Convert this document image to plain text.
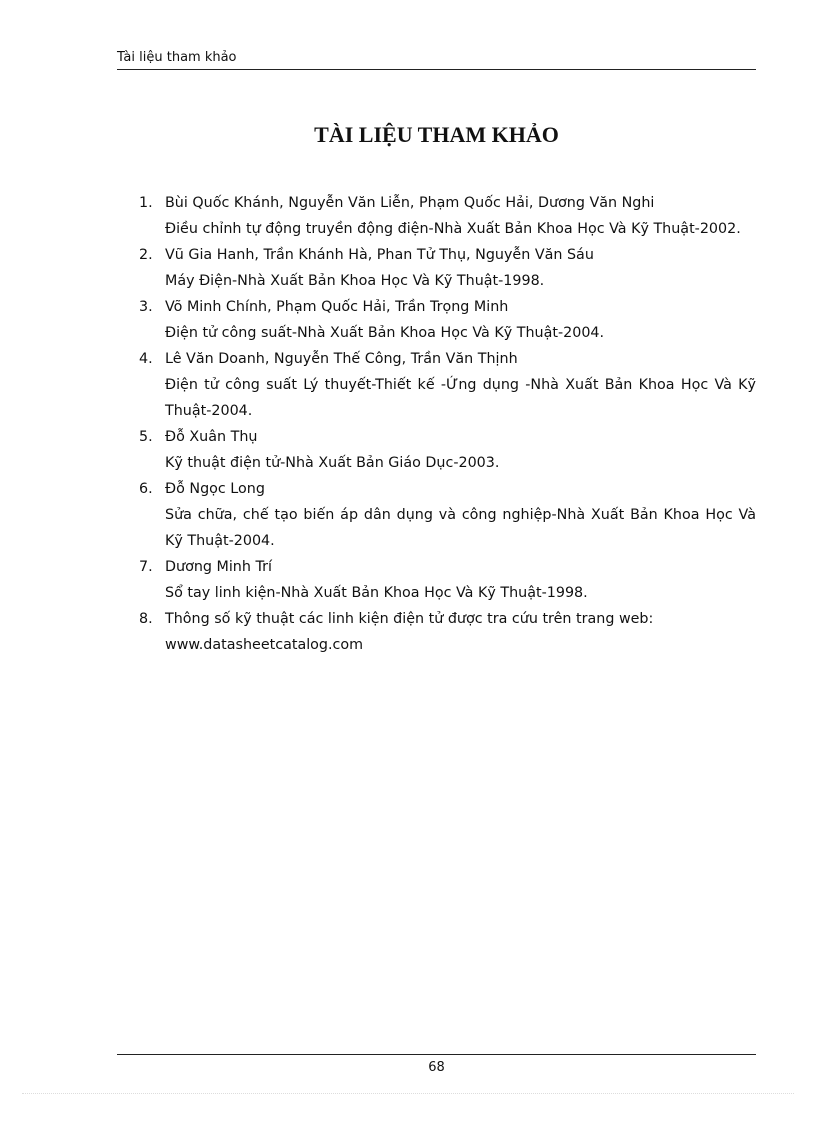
Tài liệu tham khảo
TÀI LIỆU THAM KHẢO
1. Bùi Quốc Khánh, Nguyễn Văn Liễn, Phạm Quốc Hải, Dương Văn Nghi
Điều chỉnh tự động truyền động điện-Nhà Xuất Bản Khoa Học Và Kỹ Thuật-2002.
2. Vũ Gia Hanh, Trần Khánh Hà, Phan Tử Thụ, Nguyễn Văn Sáu
Máy Điện-Nhà Xuất Bản Khoa Học Và Kỹ Thuật-1998.
3. Võ Minh Chính, Phạm Quốc Hải, Trần Trọng Minh
Điện tử công suất-Nhà Xuất Bản Khoa Học Và Kỹ Thuật-2004.
4. Lê Văn Doanh, Nguyễn Thế Công, Trần Văn Thịnh
Điện tử công suất Lý thuyết-Thiết kế -Ứng dụng -Nhà Xuất Bản Khoa Học Và Kỹ Thuật-2004.
5. Đỗ Xuân Thụ
Kỹ thuật điện tử-Nhà Xuất Bản Giáo Dục-2003.
6. Đỗ Ngọc Long
Sửa chữa, chế tạo biến áp dân dụng và công nghiệp-Nhà Xuất Bản Khoa Học Và Kỹ Thuật-2004.
7. Dương Minh Trí
Sổ tay linh kiện-Nhà Xuất Bản Khoa Học Và Kỹ Thuật-1998.
8. Thông số kỹ thuật các linh kiện điện tử được tra cứu trên trang web:
www.datasheetcatalog.com
68
